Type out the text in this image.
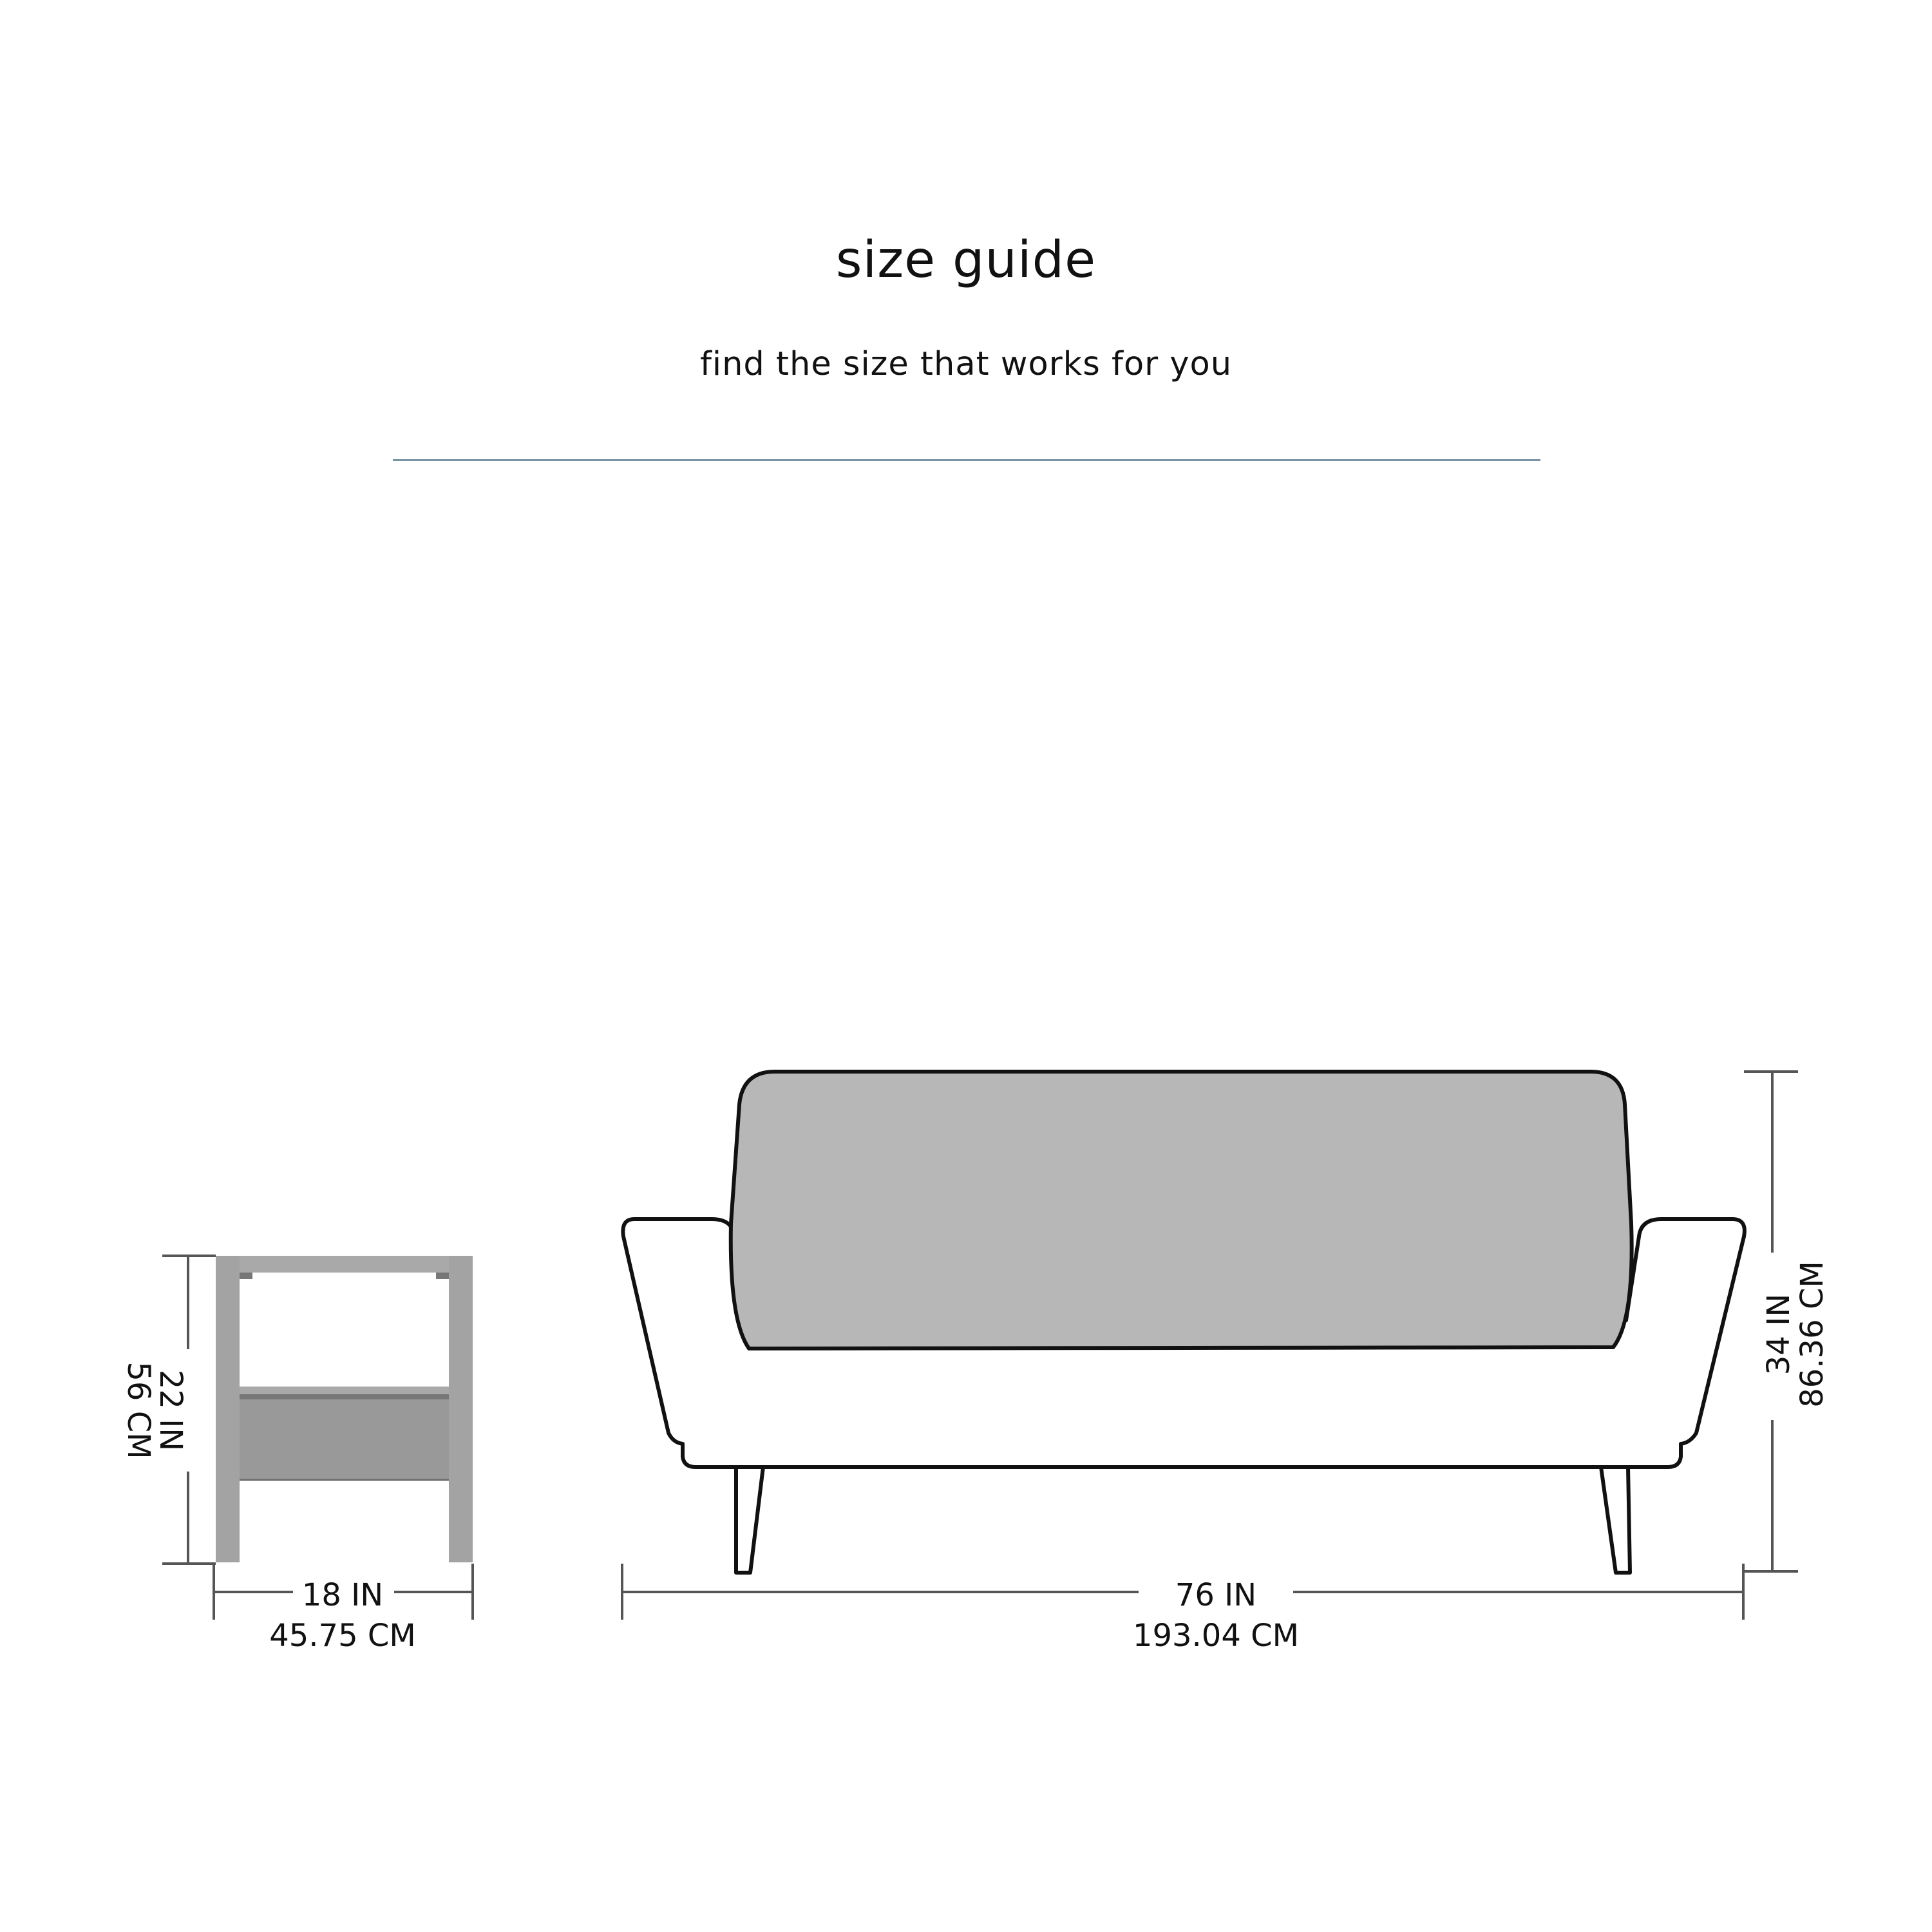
size guide
find the size that works for you
22 IN
56 CM
18 IN
45.75 CM
76 IN
193.04 CM
34 IN
86.36 CM
